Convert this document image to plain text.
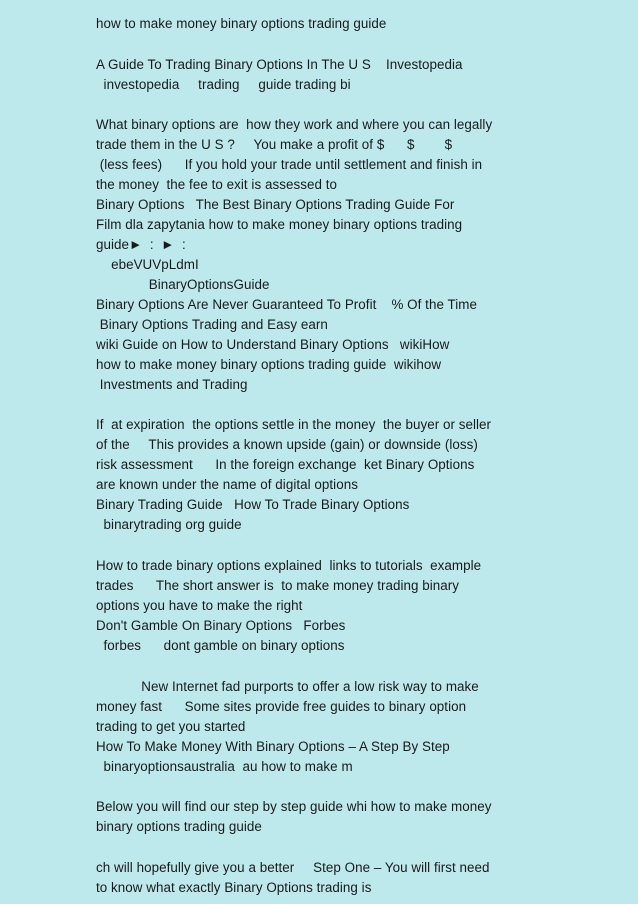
how to make money binary options trading guide
A Guide To Trading Binary Options In The U S    Investopedia
investopedia     trading     guide trading bi
What binary options are  how they work and where you can legally
trade them in the U S ?     You make a profit of $      $        $
(less fees)      If you hold your trade until settlement and finish in
the money  the fee to exit is assessed to
Binary Options   The Best Binary Options Trading Guide For
Film dla zapytania how to make money binary options trading
guide►  :  ►  :
ebeVUVpLdmI
BinaryOptionsGuide
Binary Options Are Never Guaranteed To Profit    % Of the Time
Binary Options Trading and Easy earn
wiki Guide on How to Understand Binary Options   wikiHow
how to make money binary options trading guide  wikihow
Investments and Trading
If  at expiration  the options settle in the money  the buyer or seller
of the     This provides a known upside (gain) or downside (loss)
risk assessment      In the foreign exchange  ket Binary Options
are known under the name of digital options
Binary Trading Guide   How To Trade Binary Options
binarytrading org guide
How to trade binary options explained  links to tutorials  example
trades      The short answer is  to make money trading binary
options you have to make the right
Don't Gamble On Binary Options   Forbes
forbes      dont gamble on binary options
New Internet fad purports to offer a low risk way to make
money fast      Some sites provide free guides to binary option
trading to get you started
How To Make Money With Binary Options – A Step By Step
binaryoptionsaustralia  au how to make m
Below you will find our step by step guide whi how to make money
binary options trading guide
ch will hopefully give you a better     Step One – You will first need
to know what exactly Binary Options trading is
